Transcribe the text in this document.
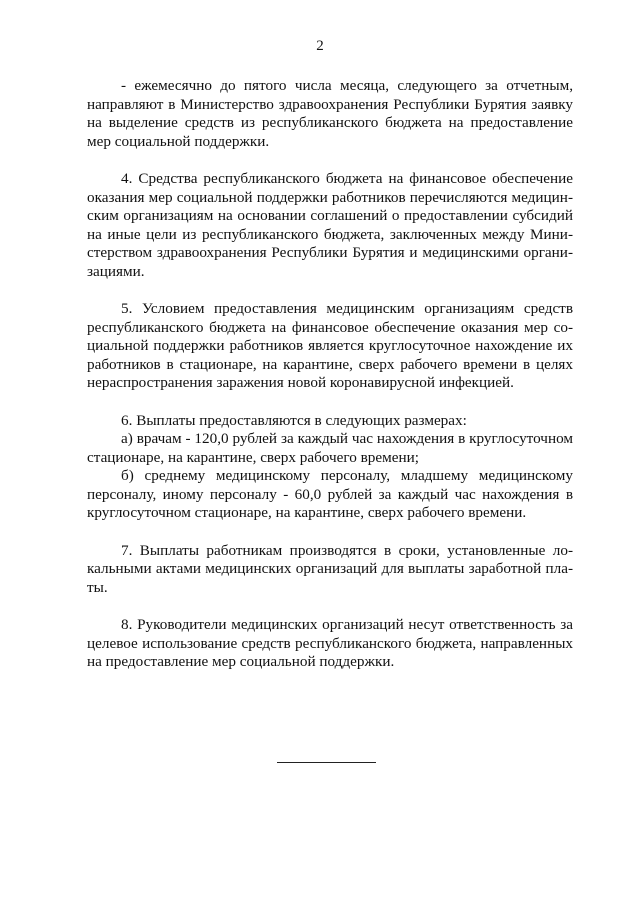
2

- ежемесячно до пятого числа месяца, следующего за отчетным, направляют в Министерство здравоохранения Республики Бурятия заявку на выделение средств из республиканского бюджета на предоставление мер социальной поддержки.

4. Средства республиканского бюджета на финансовое обеспечение оказания мер социальной поддержки работников перечисляются медицинским организациям на основании соглашений о предоставлении субсидий на иные цели из республиканского бюджета, заключенных между Министерством здравоохранения Республики Бурятия и медицинскими организациями.

5. Условием предоставления медицинским организациям средств республиканского бюджета на финансовое обеспечение оказания мер социальной поддержки работников является круглосуточное нахождение их работников в стационаре, на карантине, сверх рабочего времени в целях нераспространения заражения новой коронавирусной инфекцией.

6. Выплаты предоставляются в следующих размерах:

а) врачам - 120,0 рублей за каждый час нахождения в круглосуточном стационаре, на карантине, сверх рабочего времени;

б) среднему медицинскому персоналу, младшему медицинскому персоналу, иному персоналу - 60,0 рублей за каждый час нахождения в круглосуточном стационаре, на карантине, сверх рабочего времени.

7. Выплаты работникам производятся в сроки, установленные локальными актами медицинских организаций для выплаты заработной платы.

8. Руководители медицинских организаций несут ответственность за целевое использование средств республиканского бюджета, направленных на предоставление мер социальной поддержки.
